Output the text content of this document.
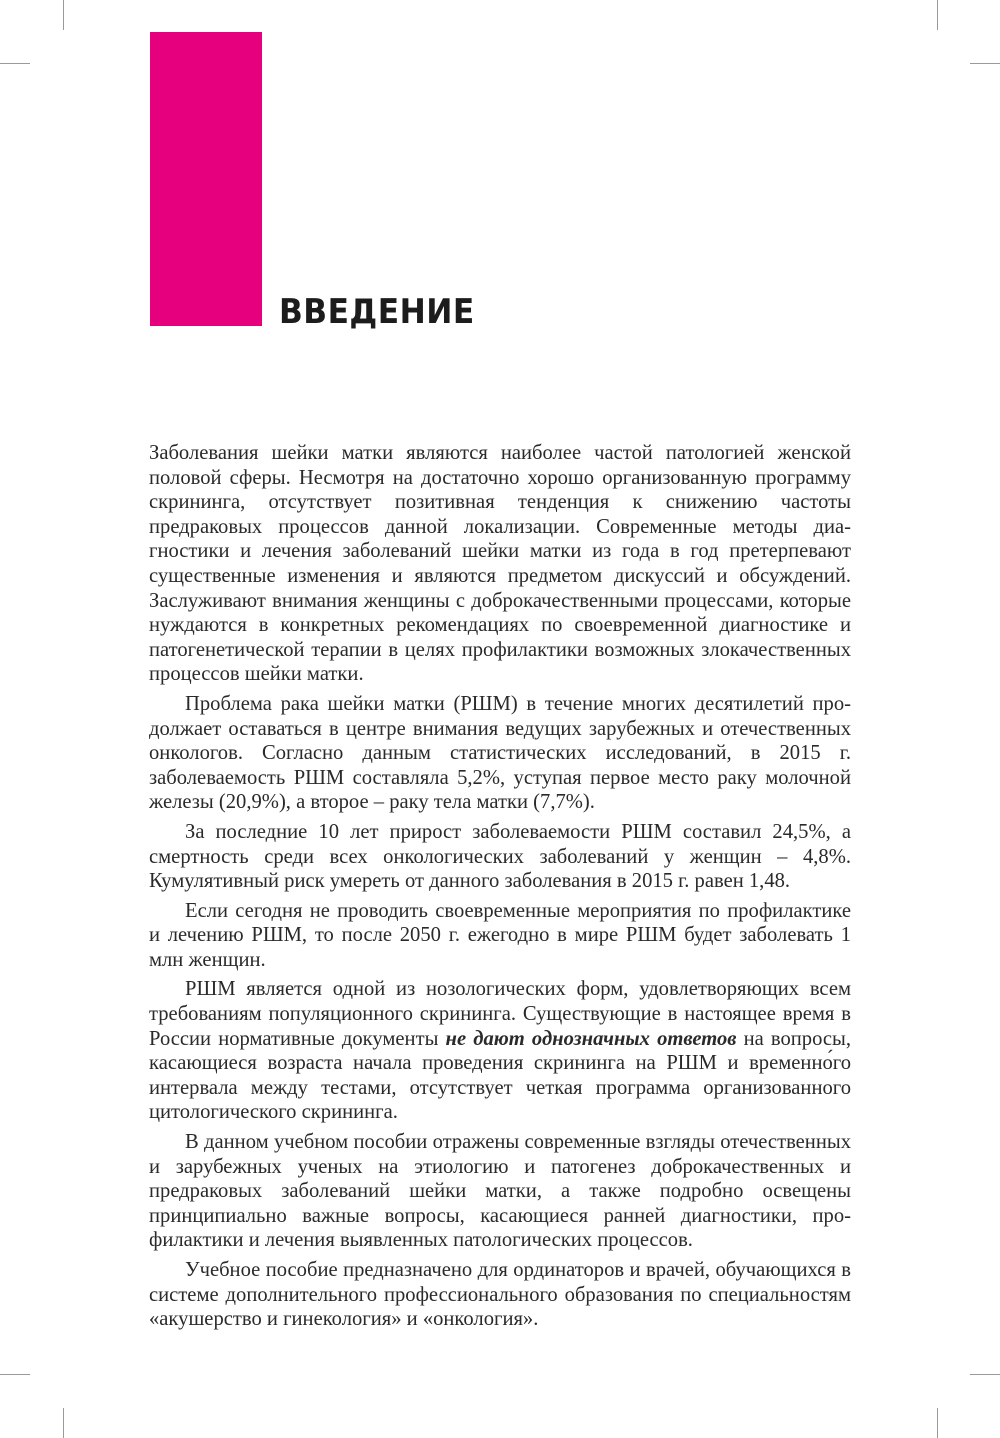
ВВЕДЕНИЕ

Заболевания шейки матки являются наиболее частой патологией женской половой сферы. Несмотря на достаточно хорошо организованную программу скрининга, отсутствует позитивная тенденция к снижению частоты предраковых процессов данной локализации. Современные методы диагностики и лечения заболеваний шейки матки из года в год претерпевают существенные изменения и являются предметом дискуссий и обсуждений. Заслуживают внимания женщины с доброкачественными процессами, которые нуждаются в конкретных рекомендациях по своевременной диагностике и патогенетической терапии в целях профилактики возможных злокачественных процессов шейки матки.

Проблема рака шейки матки (РШМ) в течение многих десятилетий продолжает оставаться в центре внимания ведущих зарубежных и отечественных онкологов. Согласно данным статистических исследований, в 2015 г. заболеваемость РШМ составляла 5,2%, уступая первое место раку молочной железы (20,9%), а второе – раку тела матки (7,7%).

За последние 10 лет прирост заболеваемости РШМ составил 24,5%, а смертность среди всех онкологических заболеваний у женщин – 4,8%. Кумулятивный риск умереть от данного заболевания в 2015 г. равен 1,48.

Если сегодня не проводить своевременные мероприятия по профилактике и лечению РШМ, то после 2050 г. ежегодно в мире РШМ будет заболевать 1 млн женщин.

РШМ является одной из нозологических форм, удовлетворяющих всем требованиям популяционного скрининга. Существующие в настоящее время в России нормативные документы не дают однозначных ответов на вопросы, касающиеся возраста начала проведения скрининга на РШМ и временно́го интервала между тестами, отсутствует четкая программа организованного цитологического скрининга.

В данном учебном пособии отражены современные взгляды отечественных и зарубежных ученых на этиологию и патогенез доброкачественных и предраковых заболеваний шейки матки, а также подробно освещены принципиально важные вопросы, касающиеся ранней диагностики, профилактики и лечения выявленных патологических процессов.

Учебное пособие предназначено для ординаторов и врачей, обучающихся в системе дополнительного профессионального образования по специальностям «акушерство и гинекология» и «онкология».
